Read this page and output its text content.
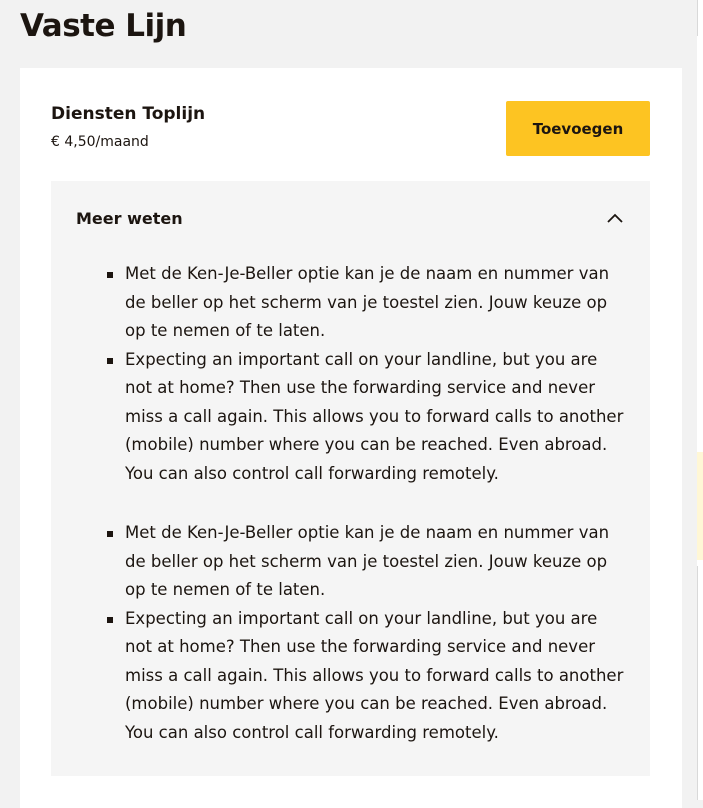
Vaste Lijn
Diensten Toplijn
€ 4,50/maand
Toevoegen
Meer weten
Met de Ken-Je-Beller optie kan je de naam en nummer van de beller op het scherm van je toestel zien. Jouw keuze op op te nemen of te laten.
Expecting an important call on your landline, but you are not at home? Then use the forwarding service and never miss a call again. This allows you to forward calls to another (mobile) number where you can be reached. Even abroad. You can also control call forwarding remotely.
Met de Ken-Je-Beller optie kan je de naam en nummer van de beller op het scherm van je toestel zien. Jouw keuze op op te nemen of te laten.
Expecting an important call on your landline, but you are not at home? Then use the forwarding service and never miss a call again. This allows you to forward calls to another (mobile) number where you can be reached. Even abroad. You can also control call forwarding remotely.
